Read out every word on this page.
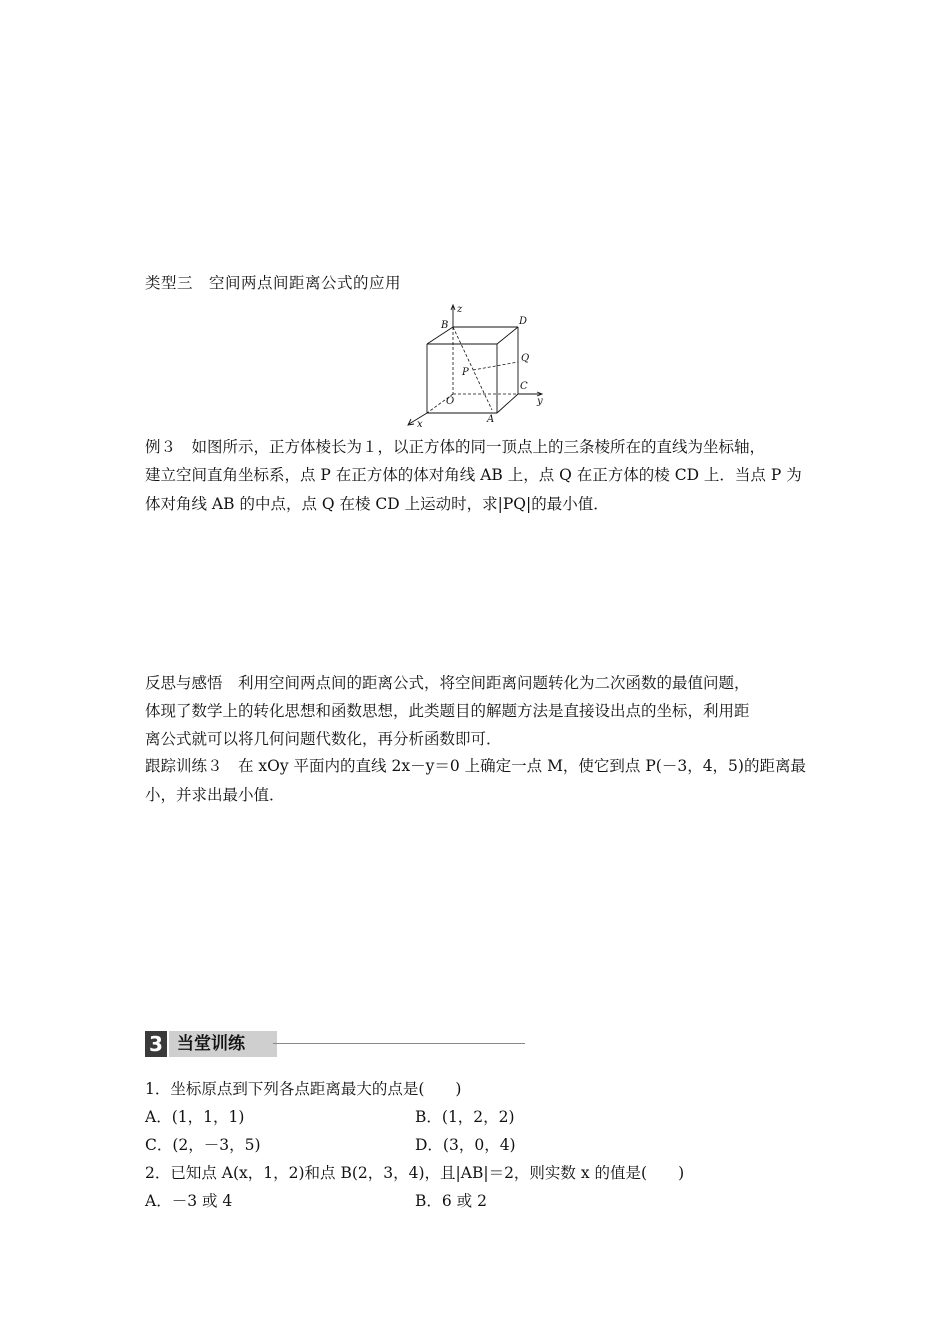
类型三　空间两点间距离公式的应用
B
z
D
Q
P
C
O
A
x
y
例３　如图所示，正方体棱长为１，以正方体的同一顶点上的三条棱所在的直线为坐标轴，
建立空间直角坐标系，点 P 在正方体的体对角线 AB 上，点 Q 在正方体的棱 CD 上．当点 P 为
体对角线 AB 的中点，点 Q 在棱 CD 上运动时，求|PQ|的最小值．
反思与感悟　利用空间两点间的距离公式，将空间距离问题转化为二次函数的最值问题，
体现了数学上的转化思想和函数思想，此类题目的解题方法是直接设出点的坐标，利用距
离公式就可以将几何问题代数化，再分析函数即可．
跟踪训练３　在 xOy 平面内的直线 2x－y＝0 上确定一点 M，使它到点 P(－3，4，5)的距离最
小，并求出最小值．
3 当堂训练
1．坐标原点到下列各点距离最大的点是(　　)
A．(1，1，1)	B．(1，2，2)
C．(2，－3，5)	D．(3，0，4)
2．已知点 A(x，1，2)和点 B(2，3，4)，且|AB|＝2，则实数 x 的值是(　　)
A．－3 或 4	B．6 或 2
